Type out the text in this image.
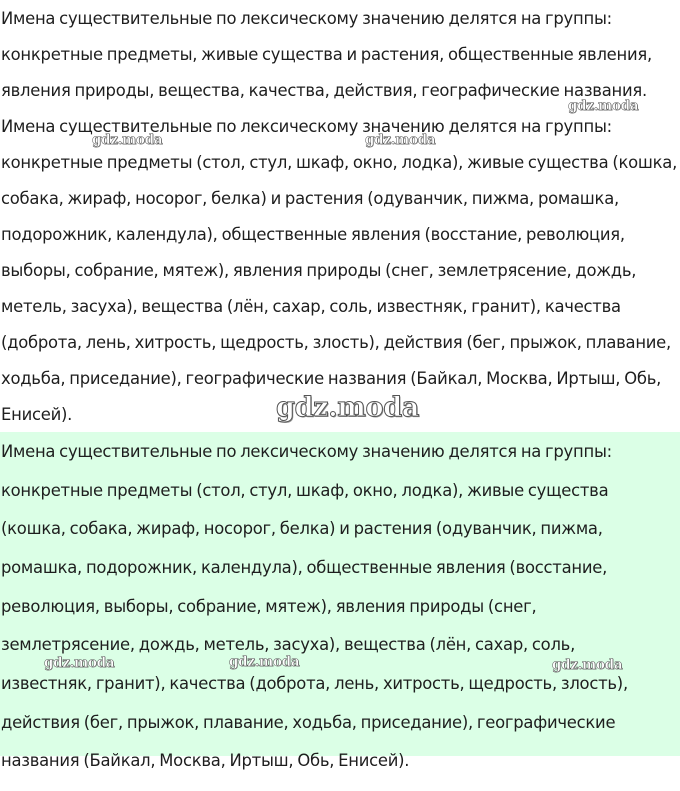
Имена существительные по лексическому значению делятся на группы:
конкретные предметы, живые существа и растения, общественные явления,
явления природы, вещества, качества, действия, географические названия.
Имена существительные по лексическому значению делятся на группы:
конкретные предметы (стол, стул, шкаф, окно, лодка), живые существа (кошка,
собака, жираф, носорог, белка) и растения (одуванчик, пижма, ромашка,
подорожник, календула), общественные явления (восстание, революция,
выборы, собрание, мятеж), явления природы (снег, землетрясение, дождь,
метель, засуха), вещества (лён, сахар, соль, известняк, гранит), качества
(доброта, лень, хитрость, щедрость, злость), действия (бег, прыжок, плавание,
ходьба, приседание), географические названия (Байкал, Москва, Иртыш, Обь,
Енисей).
Имена существительные по лексическому значению делятся на группы:
конкретные предметы (стол, стул, шкаф, окно, лодка), живые существа
(кошка, собака, жираф, носорог, белка) и растения (одуванчик, пижма,
ромашка, подорожник, календула), общественные явления (восстание,
революция, выборы, собрание, мятеж), явления природы (снег,
землетрясение, дождь, метель, засуха), вещества (лён, сахар, соль,
известняк, гранит), качества (доброта, лень, хитрость, щедрость, злость),
действия (бег, прыжок, плавание, ходьба, приседание), географические
названия (Байкал, Москва, Иртыш, Обь, Енисей).
gdz.moda
gdz.moda	gdz.moda
gdz.moda
gdz.moda	gdz.moda	gdz.moda
